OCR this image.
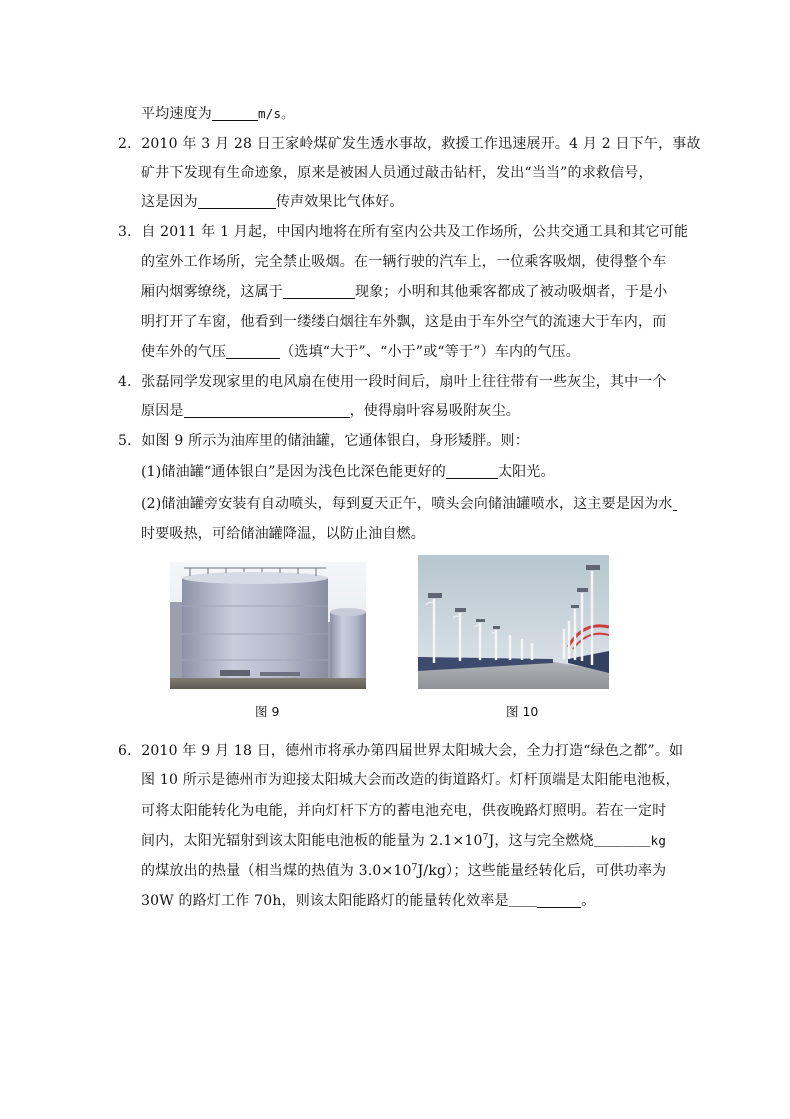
平均速度为	m/s。
2．2010 年 3 月 28 日王家岭煤矿发生透水事故，救援工作迅速展开。4 月 2 日下午，事故
矿井下发现有生命迹象，原来是被困人员通过敲击钻杆，发出“当当”的求救信号，
这是因为	传声效果比气体好。
3．自 2011 年 1 月起，中国内地将在所有室内公共及工作场所，公共交通工具和其它可能
的室外工作场所，完全禁止吸烟。在一辆行驶的汽车上，一位乘客吸烟，使得整个车
厢内烟雾缭绕，这属于	现象；小明和其他乘客都成了被动吸烟者，于是小
明打开了车窗，他看到一缕缕白烟往车外飘，这是由于车外空气的流速大于车内，而
使车外的气压	（选填“大于”、“小于”或“等于”）车内的气压。
4．张磊同学发现家里的电风扇在使用一段时间后，扇叶上往往带有一些灰尘，其中一个
原因是	，使得扇叶容易吸附灰尘。
5．如图 9 所示为油库里的储油罐，它通体银白，身形矮胖。则：
(1)储油罐“通体银白”是因为浅色比深色能更好的	太阳光。
(2)储油罐旁安装有自动喷头，每到夏天正午，喷头会向储油罐喷水，这主要是因为水
时要吸热，可给储油罐降温，以防止油自燃。
图 9	图 10
6．2010 年 9 月 18 日，德州市将承办第四届世界太阳城大会，全力打造“绿色之都”。如
图 10 所示是德州市为迎接太阳城大会而改造的街道路灯。灯杆顶端是太阳能电池板，
可将太阳能转化为电能，并向灯杆下方的蓄电池充电，供夜晚路灯照明。若在一定时
间内，太阳光辐射到该太阳能电池板的能量为 $2.1\times 10^7J$，这与完全燃烧＿＿＿＿kg
的煤放出的热量（相当煤的热值为 $3.0\times 10^7J/kg$）；这些能量经转化后，可供功率为
30W 的路灯工作 70h，则该太阳能路灯的能量转化效率是＿＿	。
